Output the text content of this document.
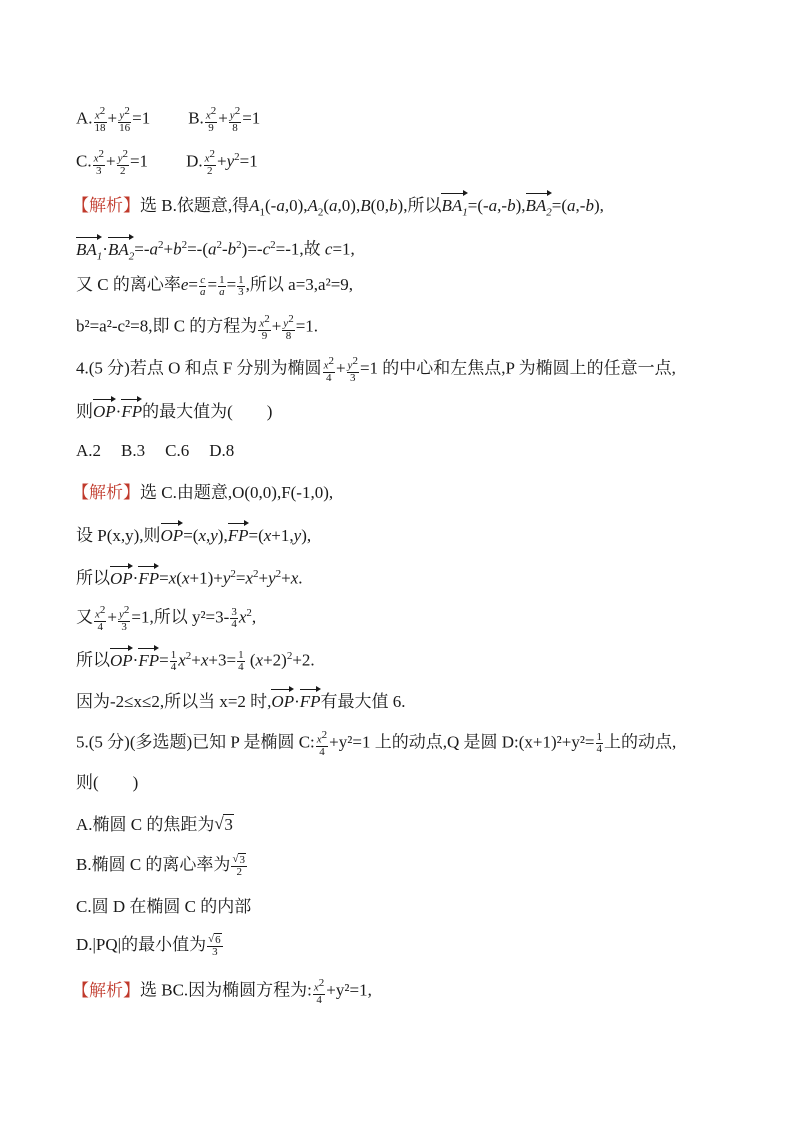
A. $\frac{x^2}{18} + \frac{y^2}{16} =1$ B. $\frac{x^2}{9} + \frac{y^2}{8} =1$
C. $\frac{x^2}{3} + \frac{y^2}{2} =1$ D. $\frac{x^2}{2} +y^2=1$
【解析】选 B.依题意,得$A_1(-a,0),A_2(a,0),B(0,b)$,所以$BA_1=(-a,-b),BA_2=(a,-b)$,
$BA_1\cdot BA_2=-a^2+b^2=-(a^2-b^2)=-c^2=-1$,故 c=1,
又 C 的离心率$e= \frac{c}{a} = \frac{1}{a} = \frac{1}{3}$ ,所以 a=3,a²=9,
b²=a²-c²=8,即 C 的方程为 $\frac{x^2}{9} + \frac{y^2}{8} =1$.
4.(5 分)若点 O 和点 F 分别为椭圆 $\frac{x^2}{4} + \frac{y^2}{3} =1$ 的中心和左焦点,P 为椭圆上的任意一点,
则OP·FP的最大值为(　　)
A.2 B.3 C.6 D.8
【解析】选 C.由题意,O(0,0),F(-1,0),
设 P(x,y),则OP=(x,y),FP=(x+1,y),
所以$OP\cdot FP=x(x+1)+y^2=x^2+y^2+x$.
又 $\frac{x^2}{4} + \frac{y^2}{3} =1$,所以 $y^2=3- \frac{3}{4} x^2$,
所以$OP\cdot FP= \frac{1}{4} x^2+x+3= \frac{1}{4} (x+2)^2+2$.
因为-2≤x≤2,所以当 x=2 时,OP·FP有最大值 6.
5.(5 分)(多选题)已知 P 是椭圆 C: $\frac{x^2}{4} +y^2=1$ 上的动点,Q 是圆 D:(x+1)²+y²= $\frac{1}{4}$ 上的动点,
则(　　)
A.椭圆 C 的焦距为 √ 3
B.椭圆 C 的离心率为 √ $\frac{3}{2}$
C.圆 D 在椭圆 C 的内部
D.|PQ|的最小值为 √ $\frac{6}{3}$
【解析】选 BC.因为椭圆方程为: $\frac{x^2}{4} +y^2=1$,
